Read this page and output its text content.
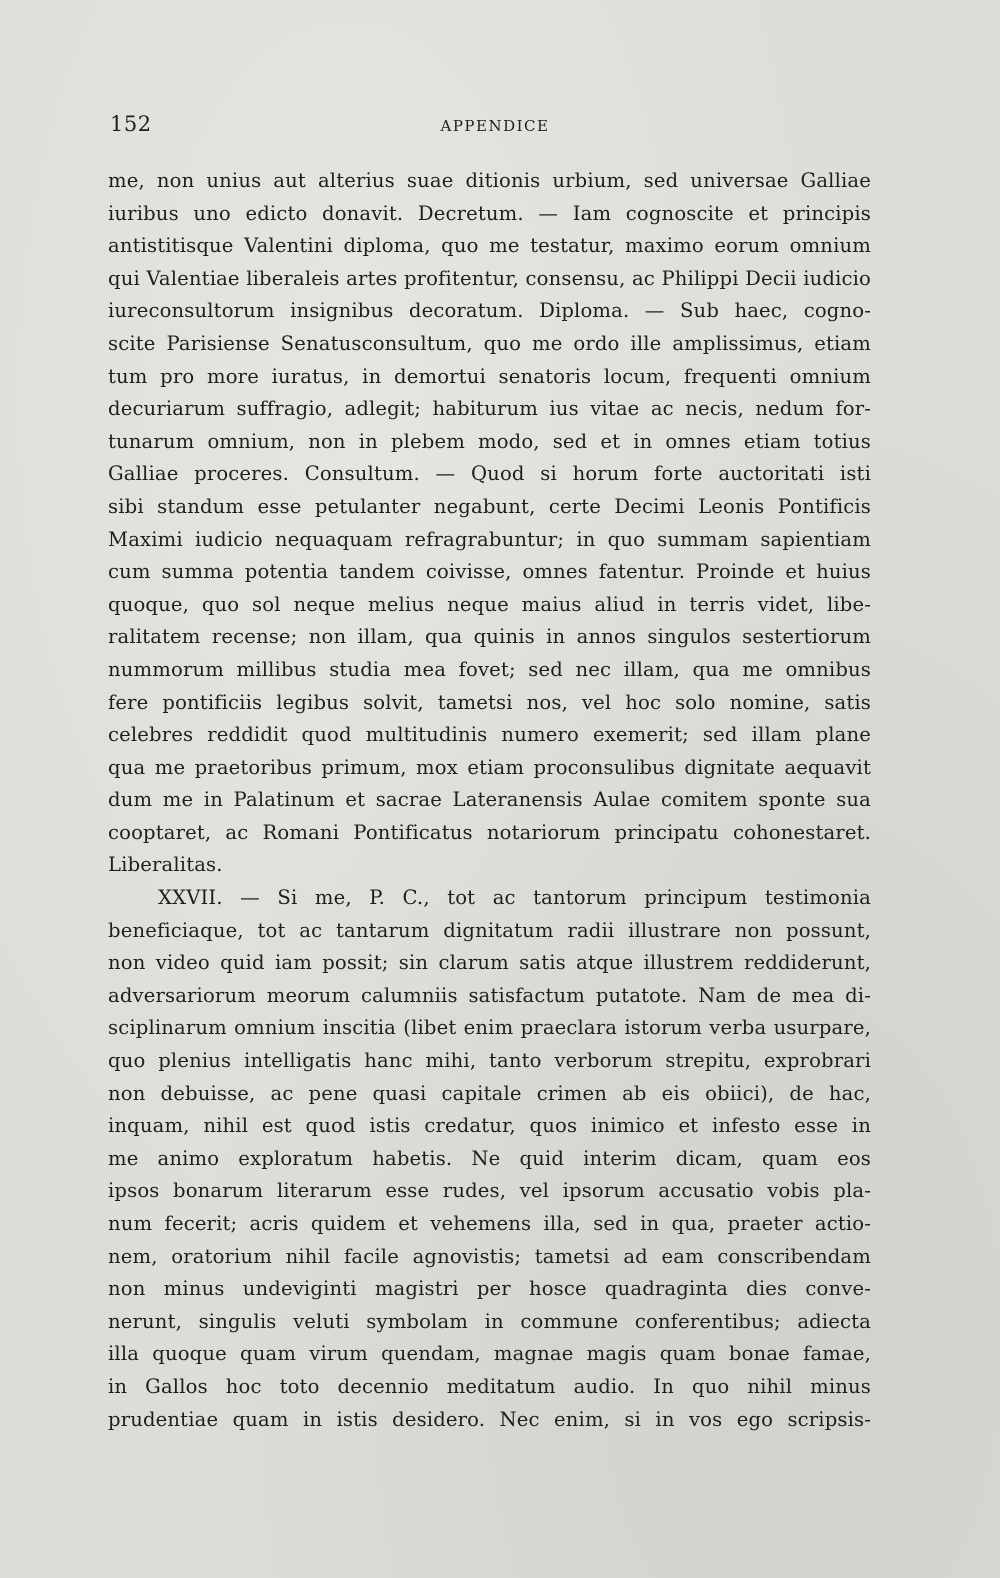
152	APPENDICE
me, non unius aut alterius suae ditionis urbium, sed universae Galliae
iuribus uno edicto donavit. Decretum. — Iam cognoscite et principis
antistitisque Valentini diploma, quo me testatur, maximo eorum omnium
qui Valentiae liberaleis artes profitentur, consensu, ac Philippi Decii iudicio
iureconsultorum insignibus decoratum. Diploma. — Sub haec, cogno-
scite Parisiense Senatusconsultum, quo me ordo ille amplissimus, etiam
tum pro more iuratus, in demortui senatoris locum, frequenti omnium
decuriarum suffragio, adlegit; habiturum ius vitae ac necis, nedum for-
tunarum omnium, non in plebem modo, sed et in omnes etiam totius
Galliae proceres. Consultum. — Quod si horum forte auctoritati isti
sibi standum esse petulanter negabunt, certe Decimi Leonis Pontificis
Maximi iudicio nequaquam refragrabuntur; in quo summam sapientiam
cum summa potentia tandem coivisse, omnes fatentur. Proinde et huius
quoque, quo sol neque melius neque maius aliud in terris videt, libe-
ralitatem recense; non illam, qua quinis in annos singulos sestertiorum
nummorum millibus studia mea fovet; sed nec illam, qua me omnibus
fere pontificiis legibus solvit, tametsi nos, vel hoc solo nomine, satis
celebres reddidit quod multitudinis numero exemerit; sed illam plane
qua me praetoribus primum, mox etiam proconsulibus dignitate aequavit
dum me in Palatinum et sacrae Lateranensis Aulae comitem sponte sua
cooptaret, ac Romani Pontificatus notariorum principatu cohonestaret.
Liberalitas.
XXVII. — Si me, P. C., tot ac tantorum principum testimonia
beneficiaque, tot ac tantarum dignitatum radii illustrare non possunt,
non video quid iam possit; sin clarum satis atque illustrem reddiderunt,
adversariorum meorum calumniis satisfactum putatote. Nam de mea di-
sciplinarum omnium inscitia (libet enim praeclara istorum verba usurpare,
quo plenius intelligatis hanc mihi, tanto verborum strepitu, exprobrari
non debuisse, ac pene quasi capitale crimen ab eis obiici), de hac,
inquam, nihil est quod istis credatur, quos inimico et infesto esse in
me animo exploratum habetis. Ne quid interim dicam, quam eos
ipsos bonarum literarum esse rudes, vel ipsorum accusatio vobis pla-
num fecerit; acris quidem et vehemens illa, sed in qua, praeter actio-
nem, oratorium nihil facile agnovistis; tametsi ad eam conscribendam
non minus undeviginti magistri per hosce quadraginta dies conve-
nerunt, singulis veluti symbolam in commune conferentibus; adiecta
illa quoque quam virum quendam, magnae magis quam bonae famae,
in Gallos hoc toto decennio meditatum audio. In quo nihil minus
prudentiae quam in istis desidero. Nec enim, si in vos ego scripsis-
